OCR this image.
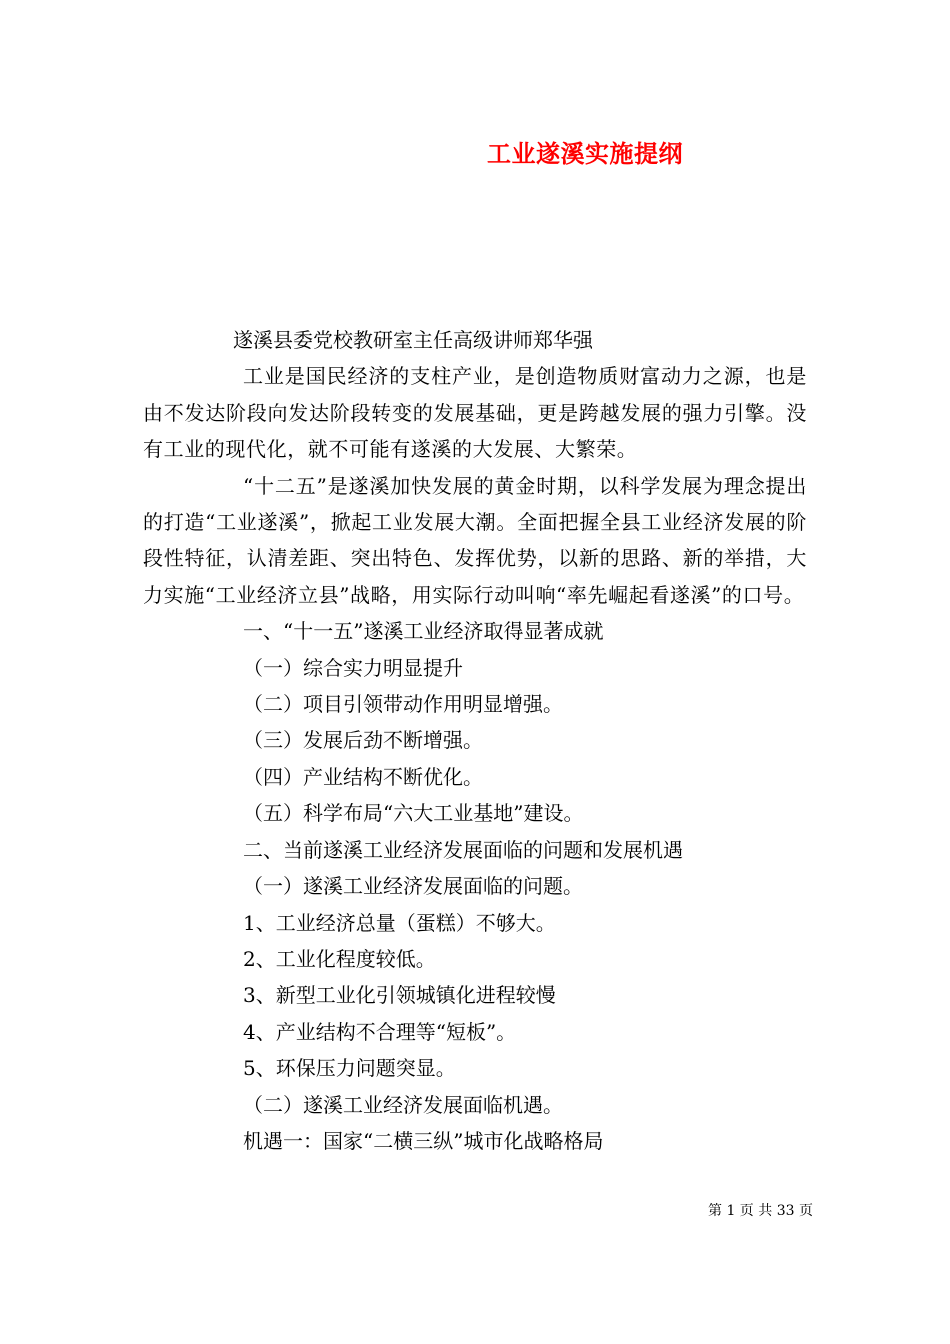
工业遂溪实施提纲

遂溪县委党校教研室主任高级讲师郑华强

工业是国民经济的支柱产业，是创造物质财富动力之源，也是由不发达阶段向发达阶段转变的发展基础，更是跨越发展的强力引擎。没有工业的现代化，就不可能有遂溪的大发展、大繁荣。

“十二五”是遂溪加快发展的黄金时期，以科学发展为理念提出的打造“工业遂溪”，掀起工业发展大潮。全面把握全县工业经济发展的阶段性特征，认清差距、突出特色、发挥优势，以新的思路、新的举措，大力实施“工业经济立县”战略，用实际行动叫响“率先崛起看遂溪”的口号。

一、“十一五”遂溪工业经济取得显著成就

（一）综合实力明显提升

（二）项目引领带动作用明显增强。

（三）发展后劲不断增强。

（四）产业结构不断优化。

（五）科学布局“六大工业基地”建设。

二、当前遂溪工业经济发展面临的问题和发展机遇

（一）遂溪工业经济发展面临的问题。

1、工业经济总量（蛋糕）不够大。

2、工业化程度较低。

3、新型工业化引领城镇化进程较慢

4、产业结构不合理等“短板”。

5、环保压力问题突显。

（二）遂溪工业经济发展面临机遇。

机遇一：国家“二横三纵”城市化战略格局

第 1 页 共 33 页
